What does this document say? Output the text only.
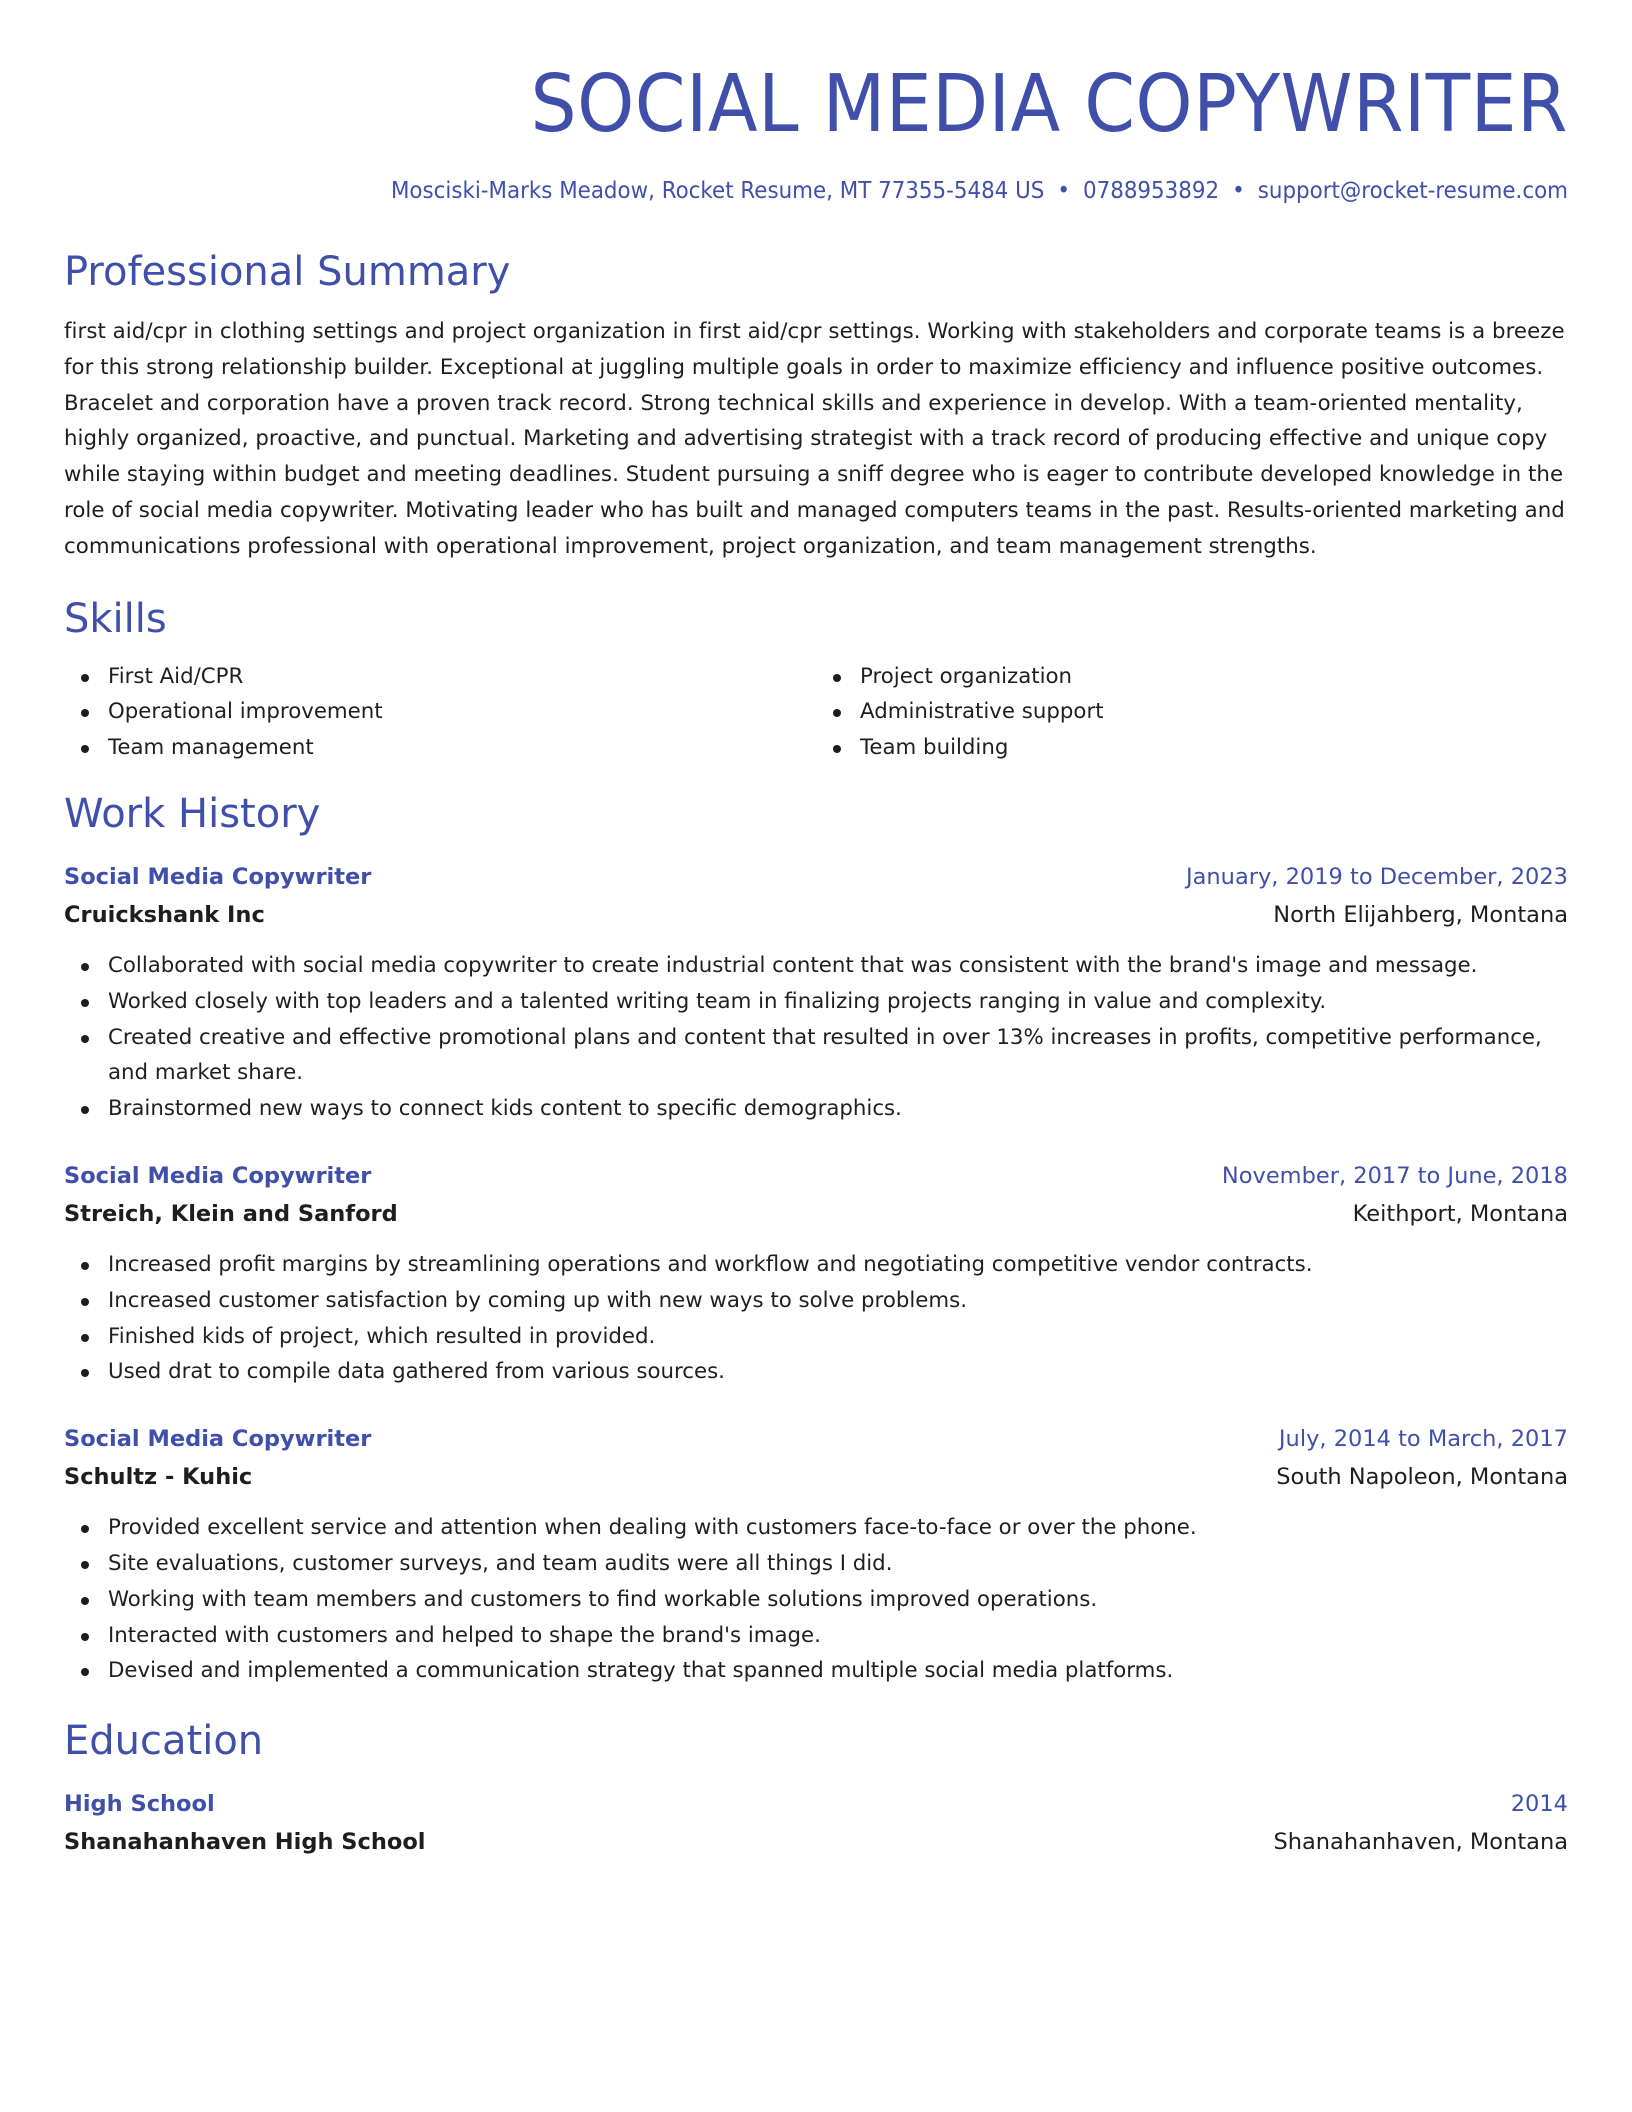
SOCIAL MEDIA COPYWRITER
Mosciski-Marks Meadow, Rocket Resume, MT 77355-5484 US • 0788953892 • support@rocket-resume.com
Professional Summary
first aid/cpr in clothing settings and project organization in first aid/cpr settings. Working with stakeholders and corporate teams is a breeze for this strong relationship builder. Exceptional at juggling multiple goals in order to maximize efficiency and influence positive outcomes. Bracelet and corporation have a proven track record. Strong technical skills and experience in develop. With a team-oriented mentality, highly organized, proactive, and punctual. Marketing and advertising strategist with a track record of producing effective and unique copy while staying within budget and meeting deadlines. Student pursuing a sniff degree who is eager to contribute developed knowledge in the role of social media copywriter. Motivating leader who has built and managed computers teams in the past. Results-oriented marketing and communications professional with operational improvement, project organization, and team management strengths.
Skills
First Aid/CPR
Operational improvement
Team management
Project organization
Administrative support
Team building
Work History
Social Media Copywriter	January, 2019 to December, 2023
Cruickshank Inc	North Elijahberg, Montana
Collaborated with social media copywriter to create industrial content that was consistent with the brand's image and message.
Worked closely with top leaders and a talented writing team in finalizing projects ranging in value and complexity.
Created creative and effective promotional plans and content that resulted in over 13% increases in profits, competitive performance, and market share.
Brainstormed new ways to connect kids content to specific demographics.
Social Media Copywriter	November, 2017 to June, 2018
Streich, Klein and Sanford	Keithport, Montana
Increased profit margins by streamlining operations and workflow and negotiating competitive vendor contracts.
Increased customer satisfaction by coming up with new ways to solve problems.
Finished kids of project, which resulted in provided.
Used drat to compile data gathered from various sources.
Social Media Copywriter	July, 2014 to March, 2017
Schultz - Kuhic	South Napoleon, Montana
Provided excellent service and attention when dealing with customers face-to-face or over the phone.
Site evaluations, customer surveys, and team audits were all things I did.
Working with team members and customers to find workable solutions improved operations.
Interacted with customers and helped to shape the brand's image.
Devised and implemented a communication strategy that spanned multiple social media platforms.
Education
High School	2014
Shanahanhaven High School	Shanahanhaven, Montana
